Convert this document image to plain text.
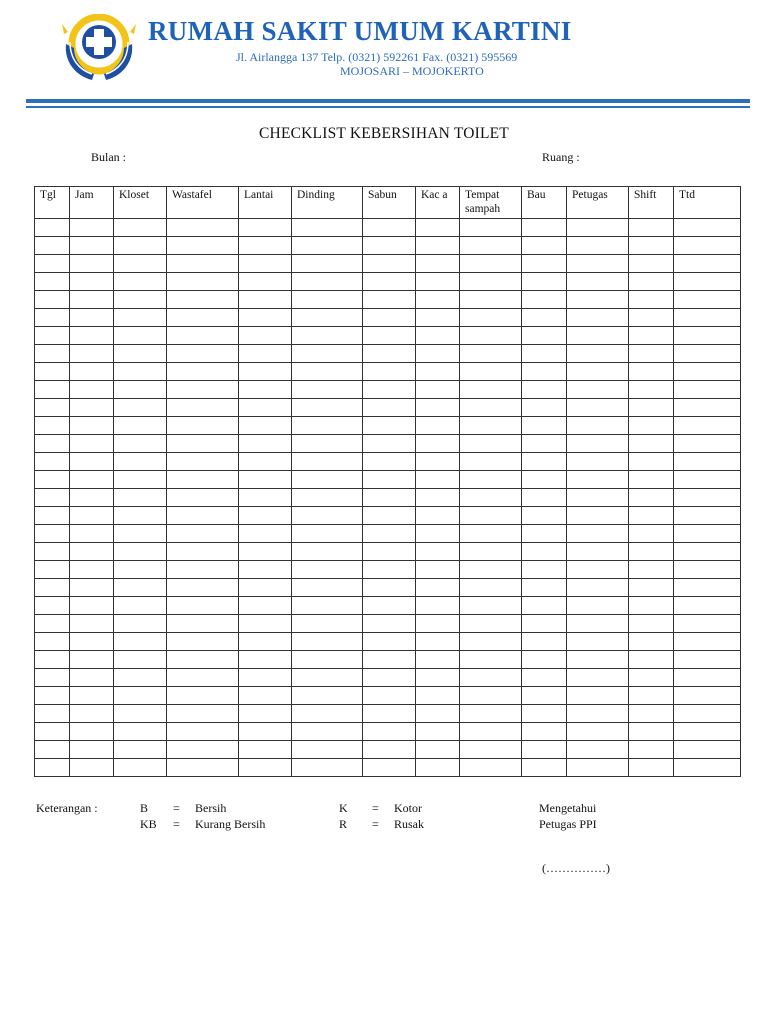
RUMAH SAKIT UMUM KARTINI
Jl. Airlangga 137 Telp. (0321) 592261 Fax. (0321) 595569
MOJOSARI – MOJOKERTO
CHECKLIST KEBERSIHAN TOILET
Bulan :	Ruang :
Tgl	Jam	Kloset	Wastafel	Lantai	Dinding	Sabun	Kac a	Tempat sampah	Bau	Petugas	Shift	Ttd

Keterangan :	B = Bersih
KB = Kurang Bersih
K = Kotor
R = Rusak
Mengetahui
Petugas PPI
(……………)
